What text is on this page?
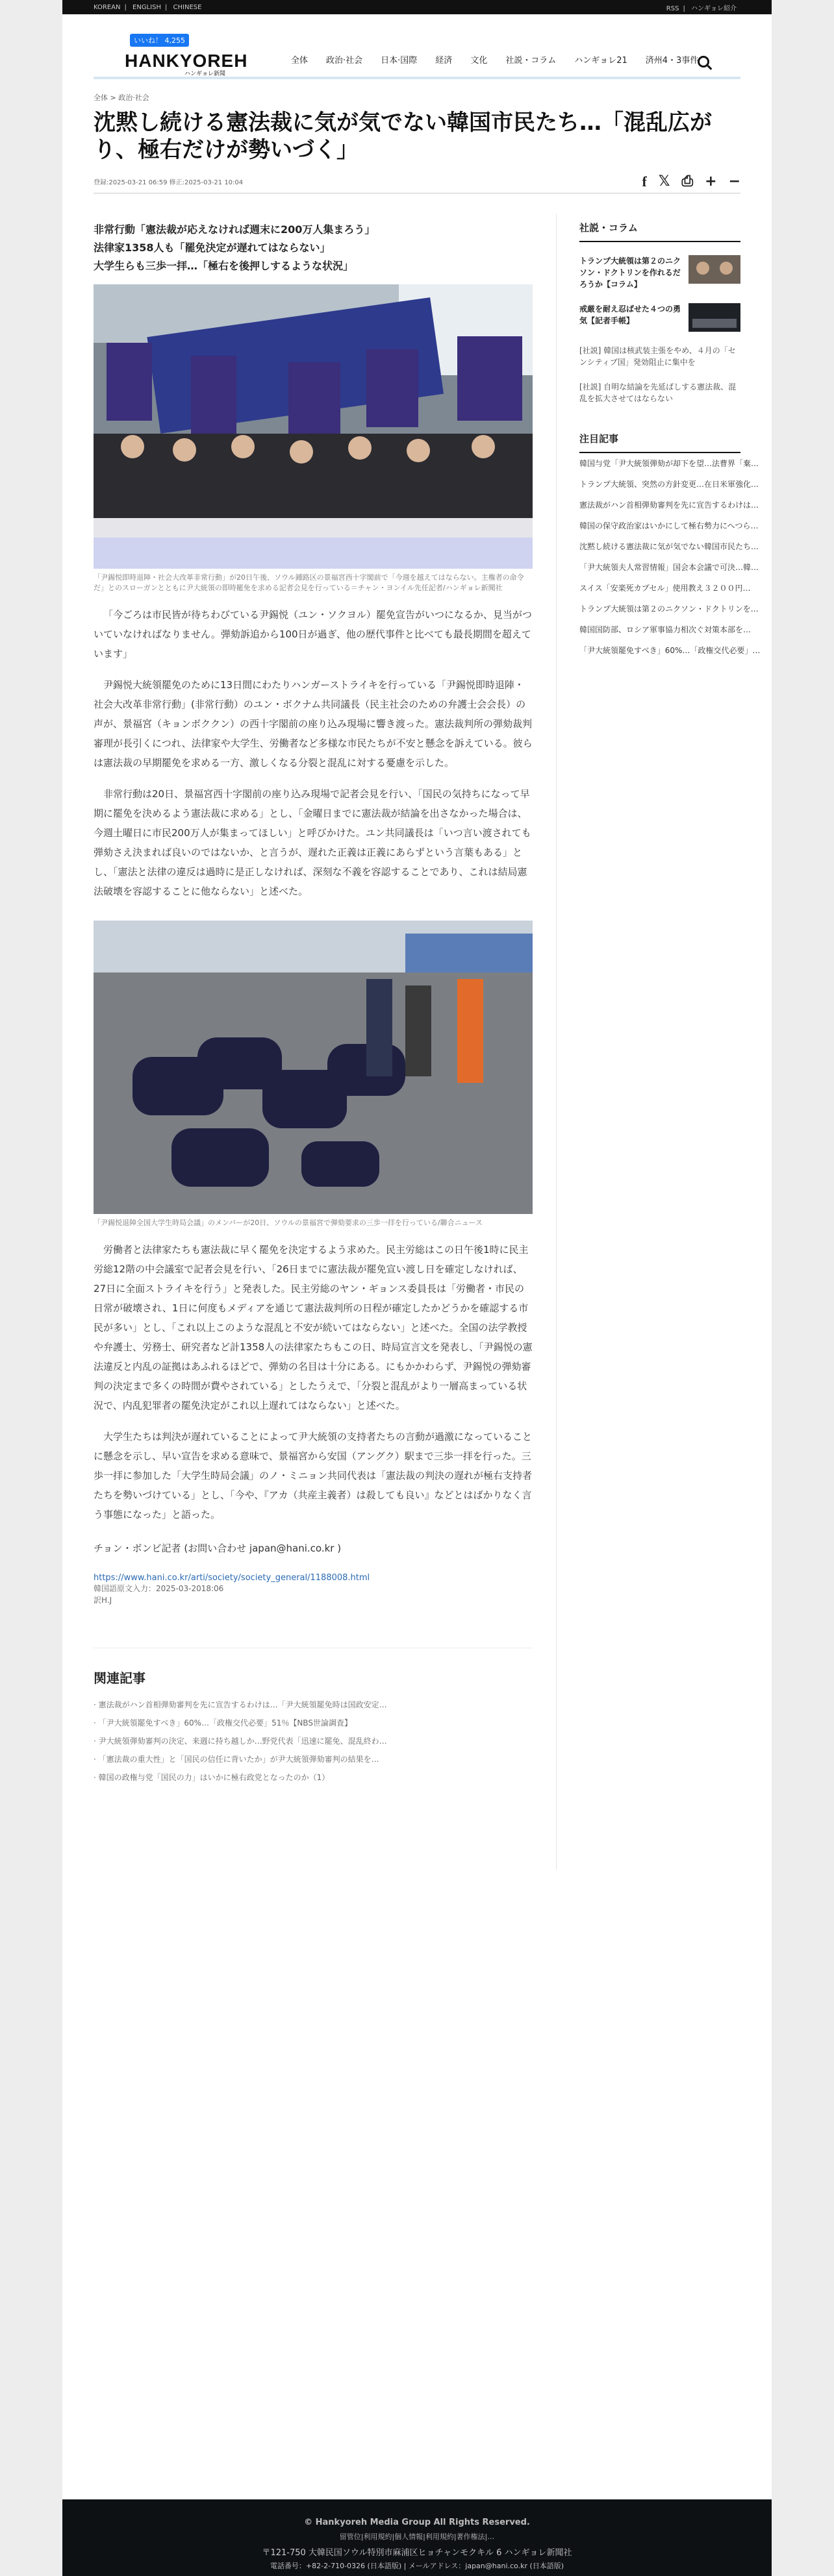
KOREAN | ENGLISH | CHINESE	RSS | ハンギョレ紹介
いいね！ 4,255
HANKYOREH
ハンギョレ新聞
全体	政治·社会	日本·国際	経済	文化	社説・コラム	ハンギョレ21	済州4・3事件
全体 > 政治·社会
沈黙し続ける憲法裁に気が気でない韓国市民たち…「混乱広がり、極右だけが勢いづく」
登録:2025-03-21 06:59 修正:2025-03-21 10:04	f 𝕏 ⎙ + −
非常行動「憲法裁が応えなければ週末に200万人集まろう」
法律家1358人も「罷免決定が遅れてはならない」
大学生らも三歩一拝…「極右を後押しするような状況」
「尹錫悦即時退陣・社会大改革非常行動」が20日午後、ソウル鍾路区の景福宮西十字閣前で「今週を越えてはならない。主権者の命令だ」とのスローガンとともに尹大統領の即時罷免を求める記者会見を行っている＝チャン・ヨンイル先任記者/ハンギョレ新聞社
「今ごろは市民皆が待ちわびている尹錫悦（ユン・ソクヨル）罷免宣告がいつになるか、見当がついていなければなりません。弾劾訴追から100日が過ぎ、他の歴代事件と比べても最長期間を超えています」
尹錫悦大統領罷免のために13日間にわたりハンガーストライキを行っている「尹錫悦即時退陣・社会大改革非常行動」(非常行動）のユン・ボクナム共同議長（民主社会のための弁護士会会長）の声が、景福宮（キョンボククン）の西十字閣前の座り込み現場に響き渡った。憲法裁判所の弾劾裁判審理が長引くにつれ、法律家や大学生、労働者など多様な市民たちが不安と懸念を訴えている。彼らは憲法裁の早期罷免を求める一方、激しくなる分裂と混乱に対する憂慮を示した。
非常行動は20日、景福宮西十字閣前の座り込み現場で記者会見を行い、「国民の気持ちになって早期に罷免を決めるよう憲法裁に求める」とし、「金曜日までに憲法裁が結論を出さなかった場合は、今週土曜日に市民200万人が集まってほしい」と呼びかけた。ユン共同議長は「いつ言い渡されても弾劾さえ決まれば良いのではないか、と言うが、遅れた正義は正義にあらずという言葉もある」とし、「憲法と法律の違反は過時に是正しなければ、深刻な不義を容認することであり、これは結局憲法破壊を容認することに他ならない」と述べた。
「尹錫悦退陣全国大学生時局会議」のメンバーが20日、ソウルの景福宮で弾劾要求の三歩一拝を行っている/聯合ニュース
労働者と法律家たちも憲法裁に早く罷免を決定するよう求めた。民主労総はこの日午後1時に民主労総12階の中会議室で記者会見を行い、「26日までに憲法裁が罷免宣い渡し日を確定しなければ、27日に全面ストライキを行う」と発表した。民主労総のヤン・ギョンス委員長は「労働者・市民の日常が破壊され、1日に何度もメディアを通じて憲法裁判所の日程が確定したかどうかを確認する市民が多い」とし、「これ以上このような混乱と不安が続いてはならない」と述べた。全国の法学教授や弁護士、労務士、研究者など計1358人の法律家たちもこの日、時局宣言文を発表し、「尹錫悦の憲法違反と内乱の証拠はあふれるほどで、弾劾の名目は十分にある。にもかかわらず、尹錫悦の弾劾審判の決定まで多くの時間が費やされている」としたうえで、「分裂と混乱がより一層高まっている状況で、内乱犯罪者の罷免決定がこれ以上遅れてはならない」と述べた。
大学生たちは判決が遅れていることによって尹大統領の支持者たちの言動が過激になっていることに懸念を示し、早い宣告を求める意味で、景福宮から安国（アングク）駅まで三歩一拝を行った。三歩一拝に参加した「大学生時局会議」のノ・ミニョン共同代表は「憲法裁の判決の遅れが極右支持者たちを勢いづけている」とし、「今や、『アカ（共産主義者）は殺しても良い』などとはばかりなく言う事態になった」と語った。
チョン・ボンビ記者 (お問い合わせ japan@hani.co.kr )
https://www.hani.co.kr/arti/society/society_general/1188008.html
韓国語原文入力：2025-03-2018:06
訳H.J
関連記事
· 憲法裁がハン首相弾劾審判を先に宣告するわけは…「尹大統領罷免時は国政安定…
· 「尹大統領罷免すべき」60%…「政権交代必要」51％【NBS世論調査】
· 尹大統領弾劾審判の決定、来週に持ち越しか…野党代表「迅速に罷免、混乱終わ…
· 「憲法裁の重大性」と「国民の信任に背いたか」が尹大統領弾劾審判の結果を…
· 韓国の政権与党「国民の力」はいかに極右政党となったのか（1）
社説・コラム
トランプ大統領は第２のニクソン・ドクトリンを作れるだろうか【コラム】
戒厳を耐え忍ばせた４つの勇気【記者手帳】
[社説] 韓国は核武装主張をやめ、４月の「センシティブ国」発効阻止に集中を
[社説] 自明な結論を先延ばしする憲法裁、混乱を拡大させてはならない
注目記事
韓国与党「尹大統領弾劾が却下を望…法曹界「棄…
トランプ大統領、突然の方針変更…在日米軍強化…
憲法裁がハン首相弾劾審判を先に宣告するわけは…
韓国の保守政治家はいかにして極右勢力にへつら…
沈黙し続ける憲法裁に気が気でない韓国市民たち…
「尹大統領夫人常習情報」国会本会議で可決…韓…
スイス「安楽死カプセル」使用教え３２００円…
トランプ大統領は第２のニクソン・ドクトリンを…
韓国国防部、ロシア軍事協力相次ぐ対策本部を…
「尹大統領罷免すべき」60%…「政権交代必要」…
© Hankyoreh Media Group All Rights Reserved.
留管位|利用規約|個人情報|利用規約|著作権法|…
〒121-750 大韓民国ソウル特別市麻浦区ヒョチャンモクキル 6 ハンギョレ新聞社
電話番号：+82-2-710-0326 (日本語版) | メールアドレス：japan@hani.co.kr (日本語版)
